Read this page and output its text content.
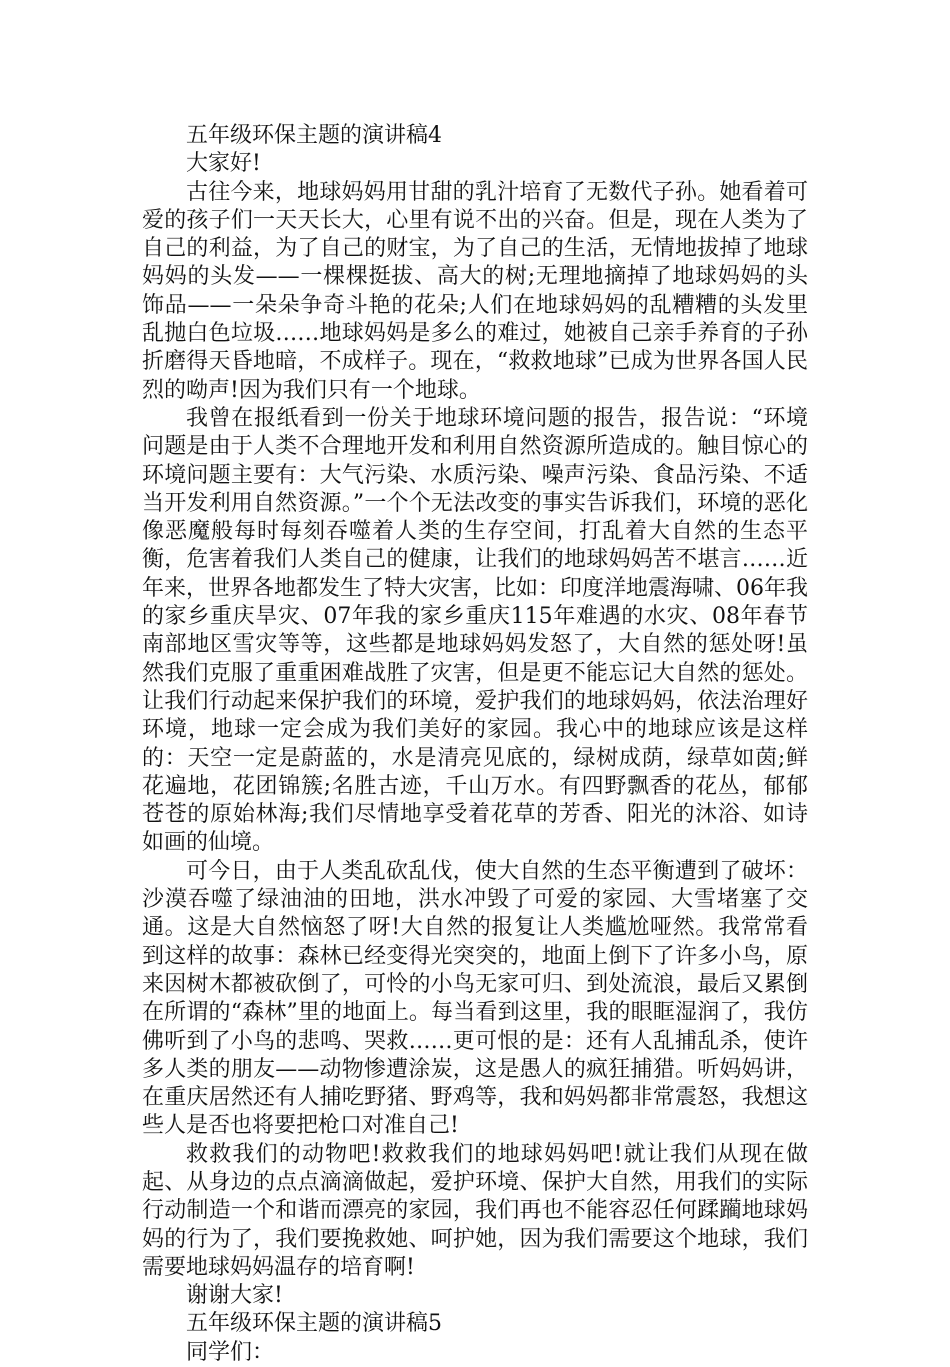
五年级环保主题的演讲稿4

大家好!

古往今来，地球妈妈用甘甜的乳汁培育了无数代子孙。她看着可爱的孩子们一天天长大，心里有说不出的兴奋。但是，现在人类为了自己的利益，为了自己的财宝，为了自己的生活，无情地拔掉了地球妈妈的头发——一棵棵挺拔、高大的树;无理地摘掉了地球妈妈的头饰品——一朵朵争奇斗艳的花朵;人们在地球妈妈的乱糟糟的头发里乱抛白色垃圾……地球妈妈是多么的难过，她被自己亲手养育的子孙折磨得天昏地暗，不成样子。现在，“救救地球”已成为世界各国人民烈的呦声!因为我们只有一个地球。

我曾在报纸看到一份关于地球环境问题的报告，报告说：“环境问题是由于人类不合理地开发和利用自然资源所造成的。触目惊心的环境问题主要有：大气污染、水质污染、噪声污染、食品污染、不适当开发利用自然资源。”一个个无法改变的事实告诉我们，环境的恶化像恶魔般每时每刻吞噬着人类的生存空间，打乱着大自然的生态平衡，危害着我们人类自己的健康，让我们的地球妈妈苦不堪言……近年来，世界各地都发生了特大灾害，比如：印度洋地震海啸、06年我的家乡重庆旱灾、07年我的家乡重庆115年难遇的水灾、08年春节南部地区雪灾等等，这些都是地球妈妈发怒了，大自然的惩处呀!虽然我们克服了重重困难战胜了灾害，但是更不能忘记大自然的惩处。让我们行动起来保护我们的环境，爱护我们的地球妈妈，依法治理好环境，地球一定会成为我们美好的家园。我心中的地球应该是这样的：天空一定是蔚蓝的，水是清亮见底的，绿树成荫，绿草如茵;鲜花遍地，花团锦簇;名胜古迹，千山万水。有四野飘香的花丛，郁郁苍苍的原始林海;我们尽情地享受着花草的芳香、阳光的沐浴、如诗如画的仙境。

可今日，由于人类乱砍乱伐，使大自然的生态平衡遭到了破坏：沙漠吞噬了绿油油的田地，洪水冲毁了可爱的家园、大雪堵塞了交通。这是大自然恼怒了呀!大自然的报复让人类尴尬哑然。我常常看到这样的故事：森林已经变得光突突的，地面上倒下了许多小鸟，原来因树木都被砍倒了，可怜的小鸟无家可归、到处流浪，最后又累倒在所谓的“森林”里的地面上。每当看到这里，我的眼眶湿润了，我仿佛听到了小鸟的悲鸣、哭救……更可恨的是：还有人乱捕乱杀，使许多人类的朋友——动物惨遭涂炭，这是愚人的疯狂捕猎。听妈妈讲，在重庆居然还有人捕吃野猪、野鸡等，我和妈妈都非常震怒，我想这些人是否也将要把枪口对准自己!

救救我们的动物吧!救救我们的地球妈妈吧!就让我们从现在做起、从身边的点点滴滴做起，爱护环境、保护大自然，用我们的实际行动制造一个和谐而漂亮的家园，我们再也不能容忍任何蹂躏地球妈妈的行为了，我们要挽救她、呵护她，因为我们需要这个地球，我们需要地球妈妈温存的培育啊!

谢谢大家!

五年级环保主题的演讲稿5

同学们：
